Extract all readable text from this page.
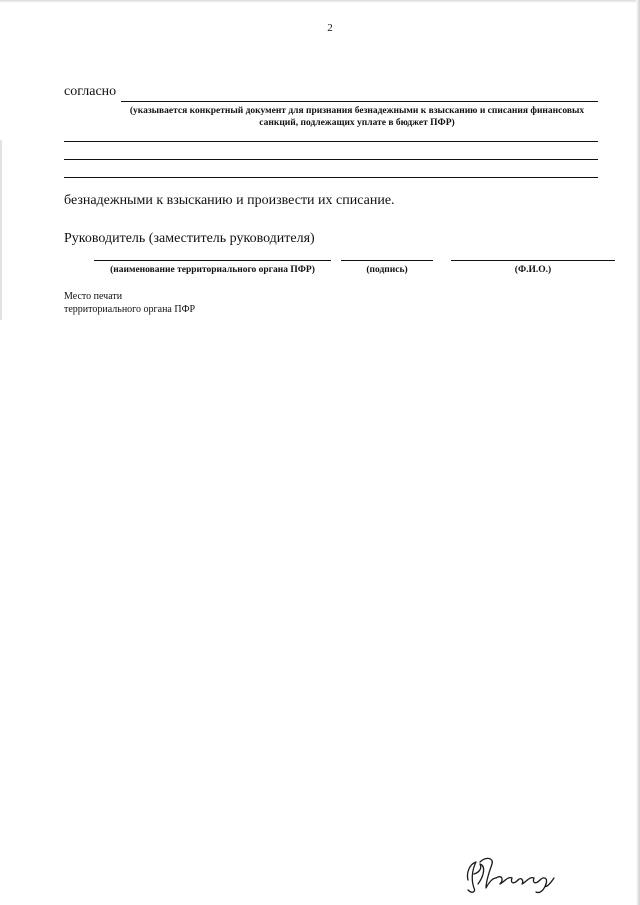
2
согласно
(указывается конкретный документ для признания безнадежными к взысканию и списания финансовых
санкций, подлежащих уплате в бюджет ПФР)
безнадежными к взысканию и произвести их списание.
Руководитель (заместитель руководителя)
(наименование территориального органа ПФР)	(подпись)	(Ф.И.О.)
Место печати
территориального органа ПФР
